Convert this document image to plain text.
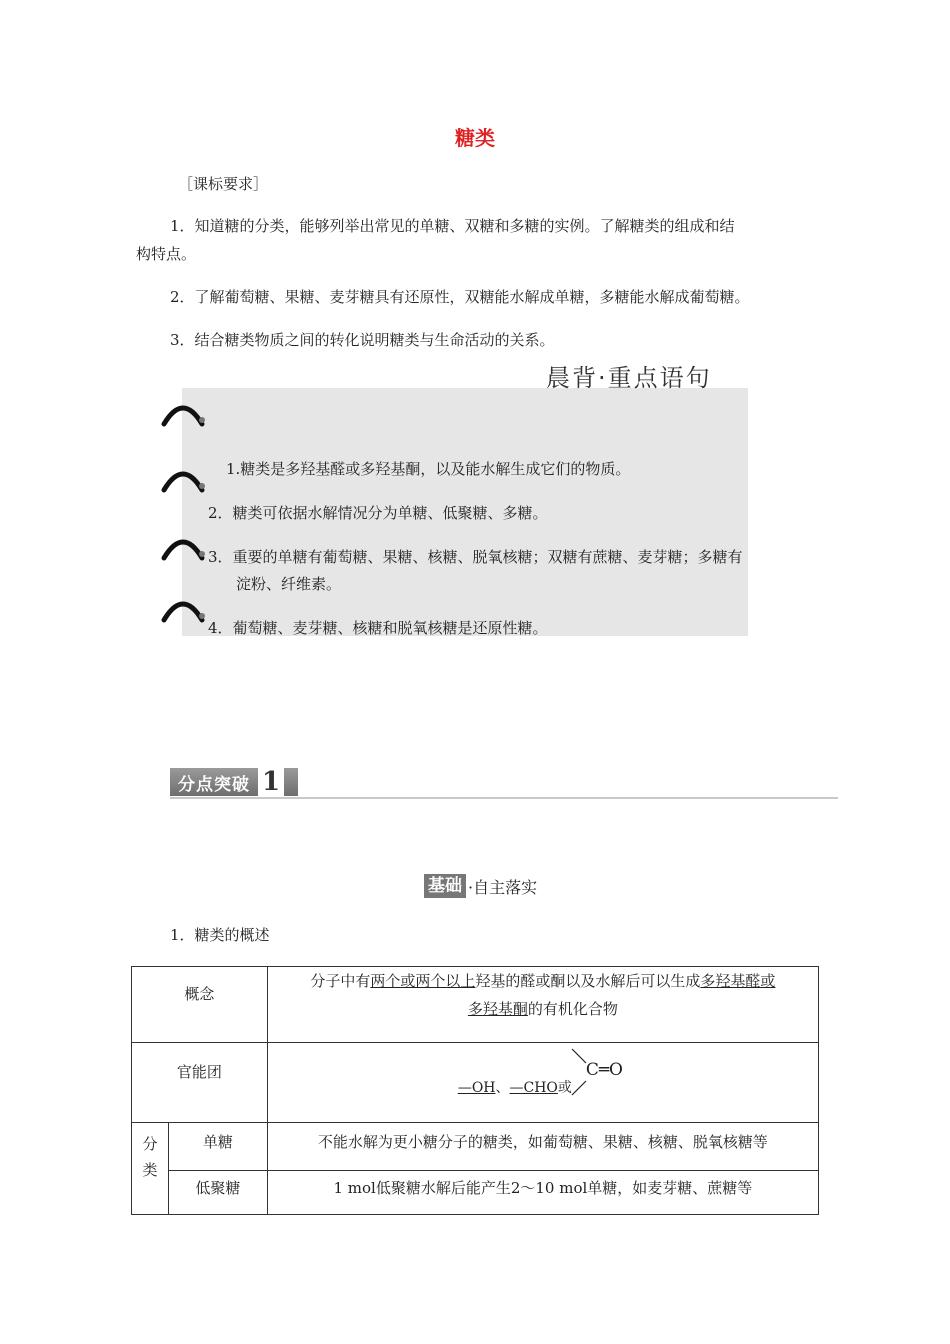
糖类
［课标要求］
1．知道糖的分类，能够列举出常见的单糖、双糖和多糖的实例。了解糖类的组成和结
构特点。
2．了解葡萄糖、果糖、麦芽糖具有还原性，双糖能水解成单糖，多糖能水解成葡萄糖。
3．结合糖类物质之间的转化说明糖类与生命活动的关系。
晨背·重点语句
1.糖类是多羟基醛或多羟基酮，以及能水解生成它们的物质。
2．糖类可依据水解情况分为单糖、低聚糖、多糖。
3．重要的单糖有葡萄糖、果糖、核糖、脱氧核糖；双糖有蔗糖、麦芽糖；多糖有
淀粉、纤维素。
4．葡萄糖、麦芽糖、核糖和脱氧核糖是还原性糖。
分点突破 1
基础 ·自主落实
1．糖类的概述
概念		分子中有两个或两个以上羟基的醛或酮以及水解后可以生成多羟基醛或
多羟基酮的有机化合物
官能团		—OH、—CHO或
C═O

分
类	单糖	不能水解为更小糖分子的糖类，如葡萄糖、果糖、核糖、脱氧核糖等
	低聚糖	1 mol低聚糖水解后能产生2～10 mol单糖，如麦芽糖、蔗糖等
